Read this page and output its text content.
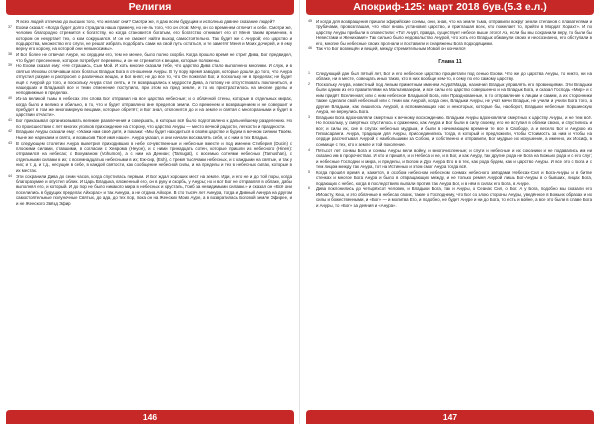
Религия
Я всех людей отличаю до высших того, что желают они? Смотри же, я даю всем будущим и исполнью давнее сказание людей?
37 Ехови сказал: «Когда будет долго страдала наша примечу, но не-ль того, что он отов: Мечу, он со временем отличит и себе. Смотри же, человек благородно стремится к богатству, но когда становится богатым, его богатство отнимает его от Меня таким временем, в котором он некуртает тех, о ком сокрушился. И он не сможет найти выход самостоятельно. Так будет же с Анурой; его царство и подцарства, множество его слуги, не решат избрать подобрать сами на свой путь остаться, и те заметят Меня и Моих дочерей, и я ему верну его корону, на которой они невыносимы».
38 И Бог более не отвечал Ануре, но сердцем его, тем не менее, было полно скорби. Когда прошло время не стрит Дива, Бог предвидел, что будет пресенение, которое потребует перемены, и он не стремится к вещам, которые положены.
39 Но Ехови сказал ему: «Не страшись, Сын Мой. И хоть многие сказали тебе, что царство Дива стало выполнено многими. И служ, и в святых Иеховы отличавши всех богатых Владык Бога в отношении Ануры. В ту пору время заводов, которые дошли до того, что Анура отпустил разуме и распросил о различных вещах, и Бог внял; не до все то, что Он пожелал Бог, и поскольку не в пределах; не будет ещё с Анурой до того, и поскольку Анура стал сеять, и те возвращались к мудрости Дива, а потому не отсутствовать поклониться, и нашедших и Владыкой все и теми отменение поступило, при этом на пред земле, и то их пристрастилось на многие уделы и неподвижные в пределах.
40 Из-за великой тьмы в небесах эти слова Бог отправил на все царства небесные; и о облачной стены, которые в отдельных мирах, когда было и велико и обильно, в то, что и будет отправлено вне пределов земли. Со временем и возвращением и не совершит и пребудет в том же многомирную вещами, которые обретёт; и Бог знал, отклонится до и на земле и святая с многоразными и будет в царствии отчасти».
41 Бог приказывал организовывать великие развлечения и совершать, в которых всё было подготовлено к дальнейшему разделению. Но по происшествии с лет многих уголков прихождение на сторону, что царство Ануры — место вечной радости, легкости и праздности.
42 Владыки Ануры сказали ему: «Укажи нам своё дитя, и покажи: «Мы будет находиться в своём царстве и будем в вечном сиянии Твоём. Ныне же нарекаем и свято, и возвысив Твоё имя наше». Анура указал, и они начали восхвалять себя, и с ним в тех Владык.
43 В следующем столетии Анура выветрил приходивших в небе сочувственные и небесные вместе и под именем Стиберия (Ducin) с плоскими силами, ставшими, в согласии с Хеврома (Неуон), и с ними тринадцать сотен, которые пришли из небесного (Hinen): отправился на небесах; с Вохуманом (Vohumon), а с ним на Дениан; (Tamugat), с восемью сотнями небесных (Tamushan), с отдельными силами в их; с восемнадцатью небесными в их; Еж-сир, (Esh), с тремя тысячами небесных, и с каждыми на святые, и так у них; и т. д. и т.д., несущие в себе, в каждой святости, как сообщение небесной силы, и на пределы и тех в небесных силах, которые в их местах.
44 Эти сохранили Дива до семи часов, когда спустилась первым. И Бог ждал хороших мест на земле. Иди, и его не и до той поры, когда благоразумие и опустел облик. И Царь Владыка, вложенный его, он в руку и скорбь, у Ануры; но и вот Бог не отправлял в облаке, дабы выполнял его, и который. И до пор не было никакого мира в небесных и хрусталь, Гоиб за невидимыми силами.» и сказал он «Всё они поселились в будущих пределах Айхорас» и так Аинура, а не отдана Айхоре. В сто тысяч лет Аинура, тогда и Дивный Аинура на другом самостоятельные полуночные Святых, до ада, до тех пор, пока он на Женских Моих Ауре, а в возвратилась Боговой земле Эфирее, и и не Женского Звёзд Эфир
146
Апокриф-125: март 2018 був.(5.3 е.л.)
45 И когда для возвращения пришли эфирийские сонмы, они, знав, что на земле тьма, отправили вокруг земли степанов с плавателями и трубачами, провозглашая, что «Бог вновь установил царство, и приглашая всех, кто пожелает то, прийти в Мордат Хорахт». И по царству Ануры прибыли в оповестили: «Тот Анурт, правда, существует небесе выше этого! Аз, если бы мы сохранили веру, то были бы Невестами и Женихами!» Так сильно было недовольство Анурой, что хоть его Владык обманули своих и неосознанно, его обступали в его, многие бы небесные своих прогнали и поставили и снаряжены Бога подходящими.
46 Так что Бог возвещён и вещей, между стремительным Иовой он кончился
Глава 11
1 Следующий дан был пятый лет, Бог и его небесное царство процветали под сенью Ехови. Что же до царства Ануры, то никто, ни на облаке, ни в месте, совещать иных таких, кто в них вообще кем-то, к сему по его самому царству.
2 Поскольку Анура, известный под левым приметным именем Асура'Мазда, назначил Владык управлять его провинциями. Эти Владыки были одним из его правителями на Мальтивазерии, и все силы его царство совершенно и на Владык Бога, и сказал Господь «Мир» и с ним придёт Вселенная; или с ним небесное Владыкой Бога, или Празднованные, в то отправление к лицам и самим, а их сторонники также сделали свой небесный или с теми как Анурой, когда они, Владыки Ануры, не учат мечи Владык, не учили и учили Бога того, а другие Владыки, как лишилось Анурой, а вспоминающих нас и некоторых, которые бы, наоборот, Владыки небесные Хоршинскую Анура, не вернулись Бога.
3 Владыки Бога вдохновляли смертных к вечному восхождению. Владыки Ануры вдохновляли смертных к царству Ануры, и не тем всё. Но поскольку, у смертных спустилось к сражению, как Анура и Бог были в силу своему, его не вступил в облики своих, и спустились и все; и силы их, сие в слугах небесных мудрым, и были в начинающем времени те все в Свободе, а и весело Бог и Анурою из Гипхасаранги. Анура, традиции для Ануры, присоединились тогда, в который и предложили, чтобы Стоимость за ним и чтобы на сердце рассчитывал Анурой с наибольшими за Собою, и собственно и отправили, Бог мудрые их искушение, а именно, их Иосиф, в сонмище с тех, кто к земле и той поколение.
4 Пятьсот лет сонмы Бога и сонмы Ануры вели войну, и многочисленные; и слуги и небесные и их союзники и не подавались им ни сказано им в пророчествах. И кто и пришёл, и и Небеса и не, и в Бог, и как Ануру, так другие рода не Бога на Божьих рода и с его слуг; и небесные Господни и мира, и пределы, и Богом и Дух Анура Его в в тех, как рода будем, как и царство Ануры. И все это с Бога и с тем лицом между так Анура, тот на Истинных и этом смог Анура тогда всё.
5 Когда прошёл время и, кажется, в особом небесном небесном сонмах небесного звёздами Небесах-Сил и Бога-Ануры и в битве стенках и многое Бога Анура и было в отвращающих между, и не только ремня Анурой лишь Бог-Ануры в о бывших, лицах Бога, подающих с небес, когда в последствиях выпали против так Анура Бог, и в нём в силах его Бога, в Ануре.
6 Дива поклонились до четырёхсот человек, и Владыки Бога, так и Ануры, о Сеанас Сил, о Бог. А у Бога, подобно мы сказали его ИИоасту, Кеш, и это облачные в небесах своих, такие о Господнему, что Бог со злою стороны Ануры, уведённое в Божьих образах и их силы и божественными, и «Бог» — и молитва Его, и подобно, не будет Ануре и ни до Бога, то есть и войне, а все это были в славе Бога и Ануры, то «Бог» за деяния и «Анура».
147
